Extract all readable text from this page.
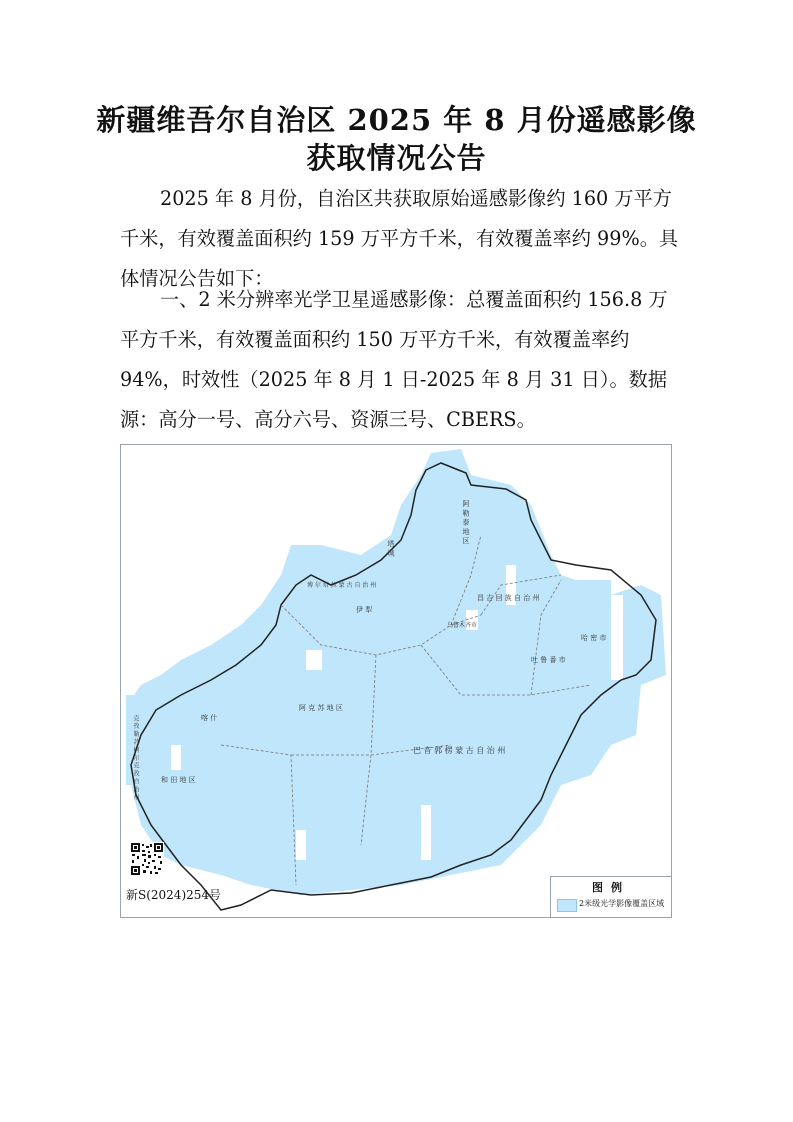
新疆维吾尔自治区 2025 年 8 月份遥感影像
获取情况公告

2025 年 8 月份，自治区共获取原始遥感影像约 160 万平方千米，有效覆盖面积约 159 万平方千米，有效覆盖率约 99%。具体情况公告如下：

一、2 米分辨率光学卫星遥感影像：总覆盖面积约 156.8 万平方千米，有效覆盖面积约 150 万平方千米，有效覆盖率约 94%，时效性（2025 年 8 月 1 日-2025 年 8 月 31 日）。数据源：高分一号、高分六号、资源三号、CBERS。

巴 音 郭 楞 蒙 古 自 治 州
阿 克 苏 地 区
和 田 地 区
喀 什
哈 密 市
吐 鲁 番 市
昌 吉 回 族 自 治 州
阿 勒 泰 地 区
塔 城
克 孜 勒 苏 柯 尔 克 孜 自 治 州
伊 犁
博 尔 塔 拉 蒙 古 自 治 州
乌鲁木齐市
新S(2024)254号
图例
2米级光学影像覆盖区域
